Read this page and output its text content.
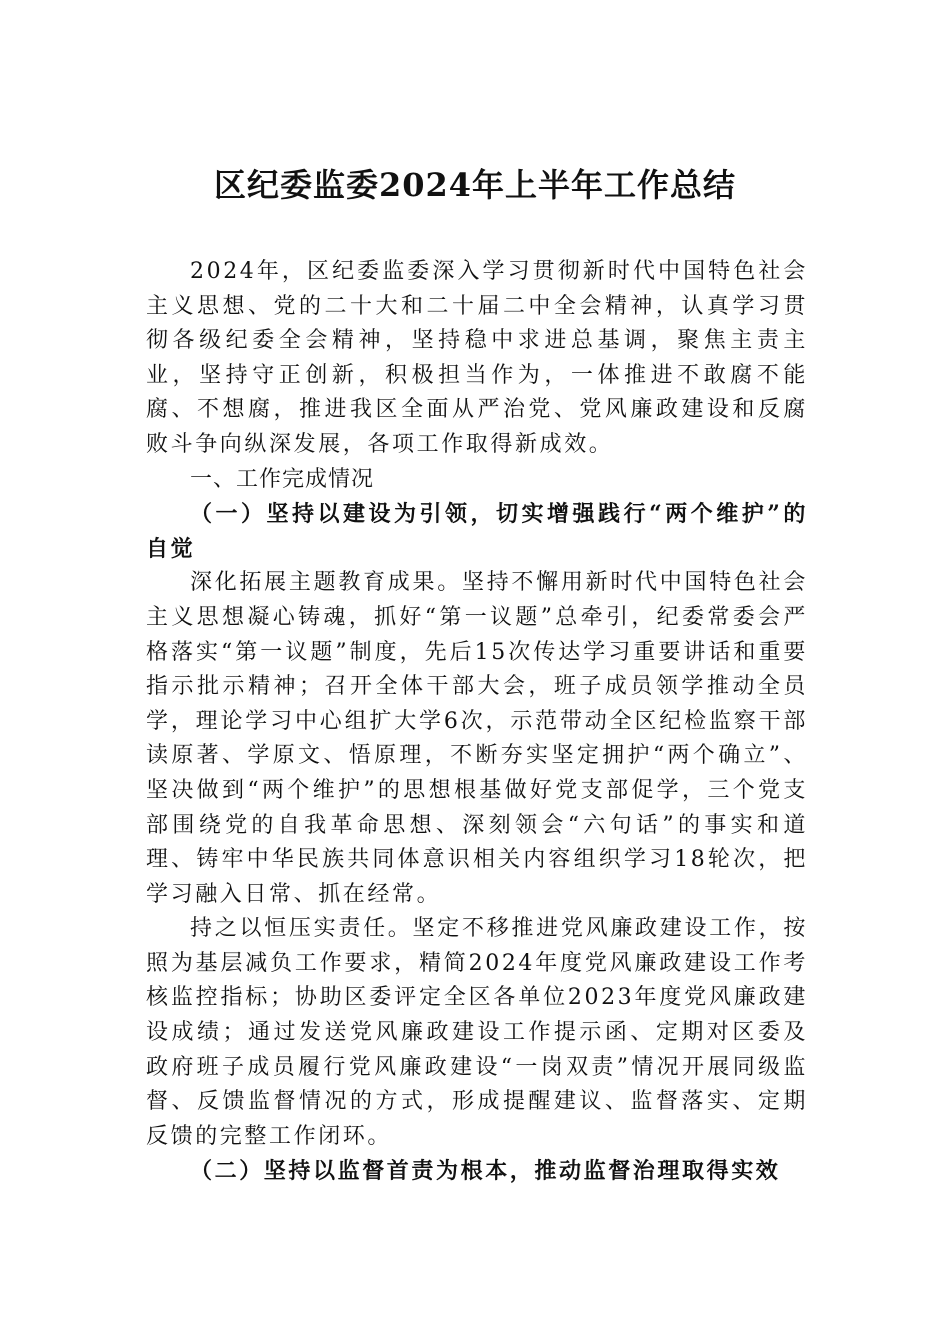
区纪委监委2024年上半年工作总结

2024年，区纪委监委深入学习贯彻新时代中国特色社会主义思想、党的二十大和二十届二中全会精神，认真学习贯彻各级纪委全会精神，坚持稳中求进总基调，聚焦主责主业，坚持守正创新，积极担当作为，一体推进不敢腐不能腐、不想腐，推进我区全面从严治党、党风廉政建设和反腐败斗争向纵深发展，各项工作取得新成效。

一、工作完成情况

（一）坚持以建设为引领，切实增强践行“两个维护”的自觉

深化拓展主题教育成果。坚持不懈用新时代中国特色社会主义思想凝心铸魂，抓好“第一议题”总牵引，纪委常委会严格落实“第一议题”制度，先后15次传达学习重要讲话和重要指示批示精神；召开全体干部大会，班子成员领学推动全员学，理论学习中心组扩大学6次，示范带动全区纪检监察干部读原著、学原文、悟原理，不断夯实坚定拥护“两个确立”、坚决做到“两个维护”的思想根基做好党支部促学，三个党支部围绕党的自我革命思想、深刻领会“六句话”的事实和道理、铸牢中华民族共同体意识相关内容组织学习18轮次，把学习融入日常、抓在经常。

持之以恒压实责任。坚定不移推进党风廉政建设工作，按照为基层减负工作要求，精简2024年度党风廉政建设工作考核监控指标；协助区委评定全区各单位2023年度党风廉政建设成绩；通过发送党风廉政建设工作提示函、定期对区委及政府班子成员履行党风廉政建设“一岗双责”情况开展同级监督、反馈监督情况的方式，形成提醒建议、监督落实、定期反馈的完整工作闭环。

（二）坚持以监督首责为根本，推动监督治理取得实效
